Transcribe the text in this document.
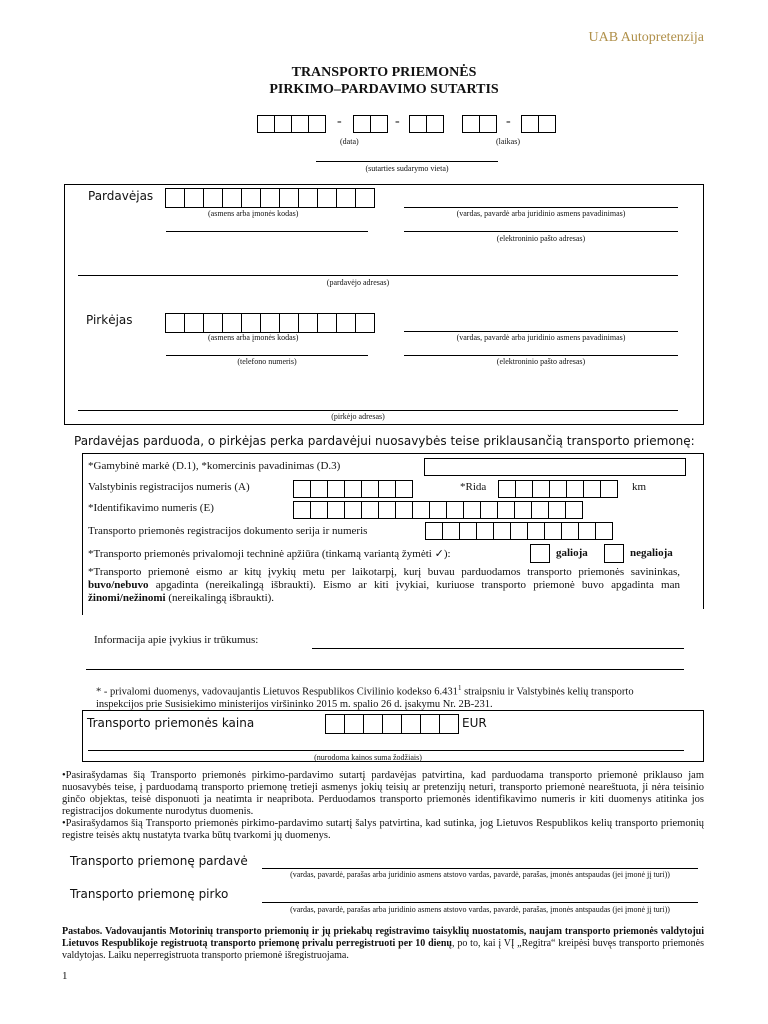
UAB Autopretenzija
TRANSPORTO PRIEMONĖS
PIRKIMO–PARDAVIMO SUTARTIS
-	-	-
(data)	(laikas)
(sutarties sudarymo vieta)
Pardavėjas
(asmens arba įmonės kodas)	(vardas, pavardė arba juridinio asmens pavadinimas)
(elektroninio pašto adresas)
(pardavėjo adresas)
Pirkėjas
(asmens arba įmonės kodas)	(vardas, pavardė arba juridinio asmens pavadinimas)
(telefono numeris)	(elektroninio pašto adresas)
(pirkėjo adresas)
Pardavėjas parduoda, o pirkėjas perka pardavėjui nuosavybės teise priklausančią transporto priemonę:
*Gamybinė markė (D.1), *komercinis pavadinimas (D.3)
Valstybinis registracijos numeris (A)	*Rida	km
*Identifikavimo numeris (E)
Transporto priemonės registracijos dokumento serija ir numeris
*Transporto priemonės privalomoji techninė apžiūra (tinkamą variantą žymėti ✓):	galioja	negalioja
*Transporto priemonė eismo ar kitų įvykių metu per laikotarpį, kurį buvau parduodamos transporto priemonės savininkas, buvo/nebuvo apgadinta (nereikalingą išbraukti). Eismo ar kiti įvykiai, kuriuose transporto priemonė buvo apgadinta man žinomi/nežinomi (nereikalingą išbraukti).
Informacija apie įvykius ir trūkumus:
* - privalomi duomenys, vadovaujantis Lietuvos Respublikos Civilinio kodekso 6.431$^1$ straipsniu ir Valstybinės kelių transporto inspekcijos prie Susisiekimo ministerijos viršininko 2015 m. spalio 26 d. įsakymu Nr. 2B-231.
Transporto priemonės kaina	EUR
(nurodoma kainos suma žodžiais)
•Pasirašydamas šią Transporto priemonės pirkimo-pardavimo sutartį pardavėjas patvirtina, kad parduodama transporto priemonė priklauso jam nuosavybės teise, į parduodamą transporto priemonę tretieji asmenys jokių teisių ar pretenzijų neturi, transporto priemonė neareštuota, ji nėra teisinio ginčo objektas, teisė disponuoti ja neatimta ir neapribota. Perduodamos transporto priemonės identifikavimo numeris ir kiti duomenys atitinka jos registracijos dokumente nurodytus duomenis.
•Pasirašydamos šią Transporto priemonės pirkimo-pardavimo sutartį šalys patvirtina, kad sutinka, jog Lietuvos Respublikos kelių transporto priemonių registre teisės aktų nustatyta tvarka būtų tvarkomi jų duomenys.
Transporto priemonę pardavė
(vardas, pavardė, parašas arba juridinio asmens atstovo vardas, pavardė, parašas, įmonės antspaudas (jei įmonė jį turi))
Transporto priemonę pirko
(vardas, pavardė, parašas arba juridinio asmens atstovo vardas, pavardė, parašas, įmonės antspaudas (jei įmonė jį turi))
Pastabos. Vadovaujantis Motorinių transporto priemonių ir jų priekabų registravimo taisyklių nuostatomis, naujam transporto priemonės valdytojui Lietuvos Respublikoje registruotą transporto priemonę privalu perregistruoti per 10 dienų, po to, kai į VĮ „Regitra“ kreipėsi buvęs transporto priemonės valdytojas. Laiku neperregistruota transporto priemonė išregistruojama.
1
